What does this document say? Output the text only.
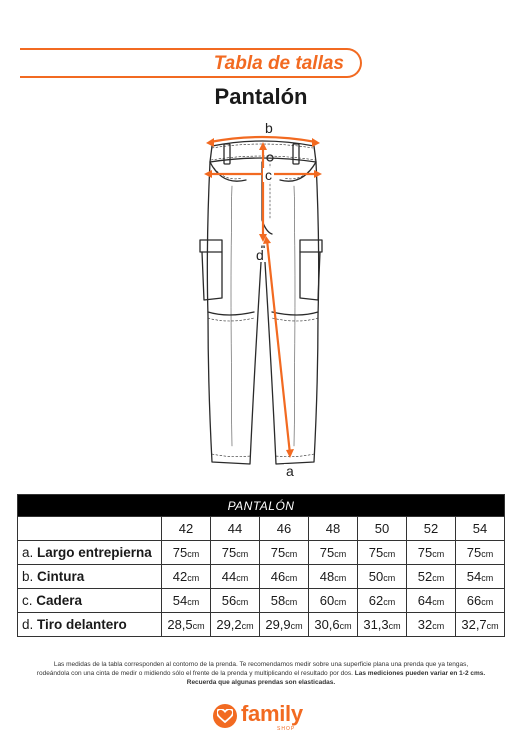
Tabla de tallas
Pantalón
b
c
d
a
PANTALÓN							
	42	44	46	48	50	52	54
a. Largo entrepierna	75cm	75cm	75cm	75cm	75cm	75cm	75cm
b. Cintura	42cm	44cm	46cm	48cm	50cm	52cm	54cm
c. Cadera	54cm	56cm	58cm	60cm	62cm	64cm	66cm
d. Tiro delantero	28,5cm	29,2cm	29,9cm	30,6cm	31,3cm	32cm	32,7cm
Las medidas de la tabla corresponden al contorno de la prenda. Te recomendamos medir sobre una superficie plana una prenda que ya tengas,
rodeándola con una cinta de medir o midiendo sólo el frente de la prenda y multiplicando el resultado por dos. Las mediciones pueden variar en 1-2 cms.
Recuerda que algunas prendas son elasticadas.
family
SHOP
